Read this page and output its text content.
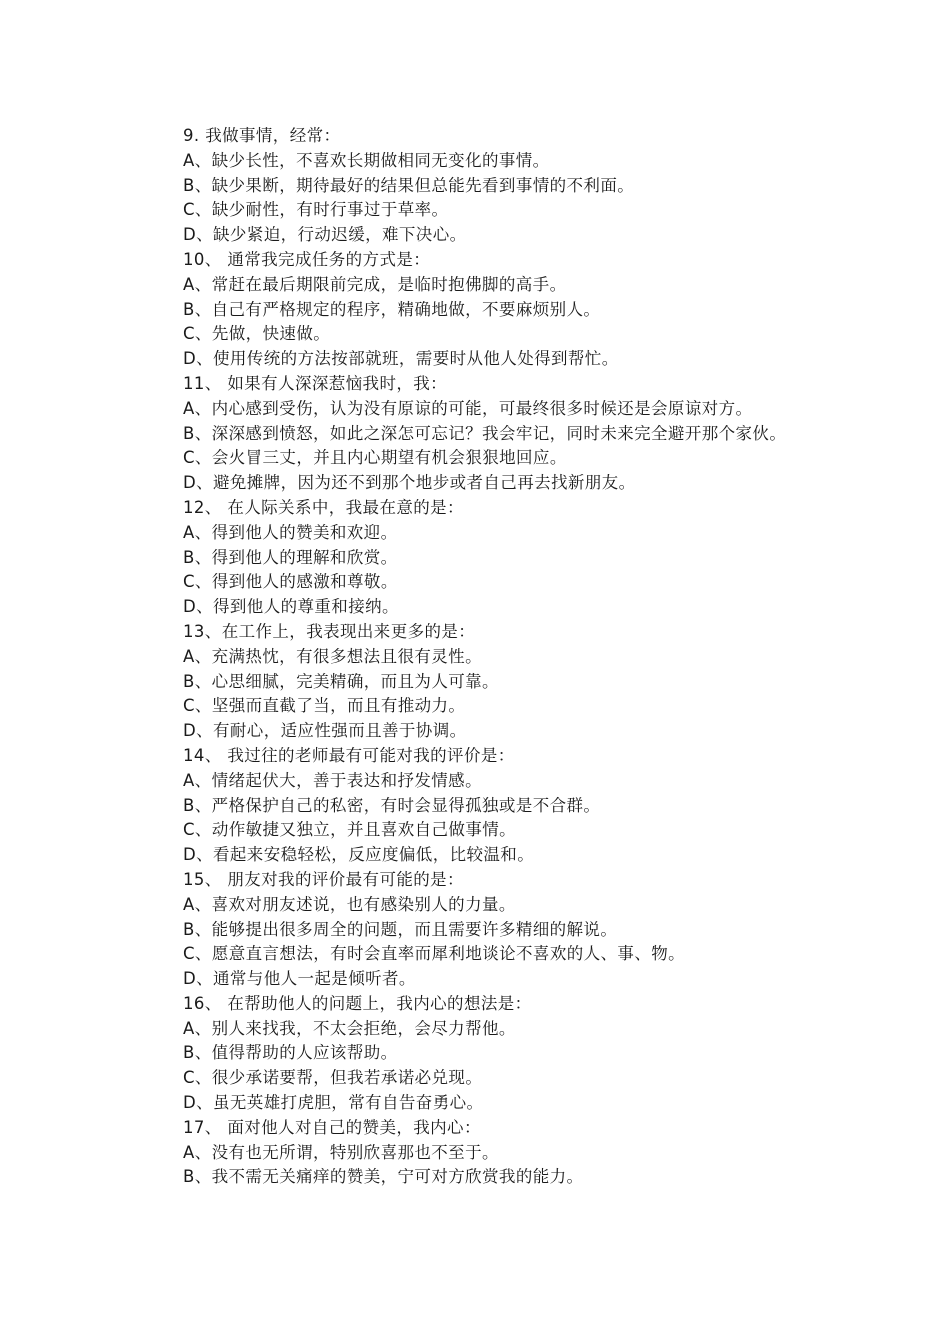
9. 我做事情，经常：
A、缺少长性，不喜欢长期做相同无变化的事情。
B、缺少果断，期待最好的结果但总能先看到事情的不利面。
C、缺少耐性，有时行事过于草率。
D、缺少紧迫，行动迟缓，难下决心。
10、 通常我完成任务的方式是：
A、常赶在最后期限前完成，是临时抱佛脚的高手。
B、自己有严格规定的程序，精确地做，不要麻烦别人。
C、先做，快速做。
D、使用传统的方法按部就班，需要时从他人处得到帮忙。
11、 如果有人深深惹恼我时，我：
A、内心感到受伤，认为没有原谅的可能，可最终很多时候还是会原谅对方。
B、深深感到愤怒，如此之深怎可忘记？我会牢记，同时未来完全避开那个家伙。
C、会火冒三丈，并且内心期望有机会狠狠地回应。
D、避免摊牌，因为还不到那个地步或者自己再去找新朋友。
12、 在人际关系中，我最在意的是：
A、得到他人的赞美和欢迎。
B、得到他人的理解和欣赏。
C、得到他人的感激和尊敬。
D、得到他人的尊重和接纳。
13、在工作上，我表现出来更多的是：
A、充满热忱，有很多想法且很有灵性。
B、心思细腻，完美精确，而且为人可靠。
C、坚强而直截了当，而且有推动力。
D、有耐心，适应性强而且善于协调。
14、 我过往的老师最有可能对我的评价是：
A、情绪起伏大，善于表达和抒发情感。
B、严格保护自己的私密，有时会显得孤独或是不合群。
C、动作敏捷又独立，并且喜欢自己做事情。
D、看起来安稳轻松，反应度偏低，比较温和。
15、 朋友对我的评价最有可能的是：
A、喜欢对朋友述说，也有感染别人的力量。
B、能够提出很多周全的问题，而且需要许多精细的解说。
C、愿意直言想法，有时会直率而犀利地谈论不喜欢的人、事、物。
D、通常与他人一起是倾听者。
16、 在帮助他人的问题上，我内心的想法是：
A、别人来找我，不太会拒绝，会尽力帮他。
B、值得帮助的人应该帮助。
C、很少承诺要帮，但我若承诺必兑现。
D、虽无英雄打虎胆，常有自告奋勇心。
17、 面对他人对自己的赞美，我内心：
A、没有也无所谓，特别欣喜那也不至于。
B、我不需无关痛痒的赞美，宁可对方欣赏我的能力。
